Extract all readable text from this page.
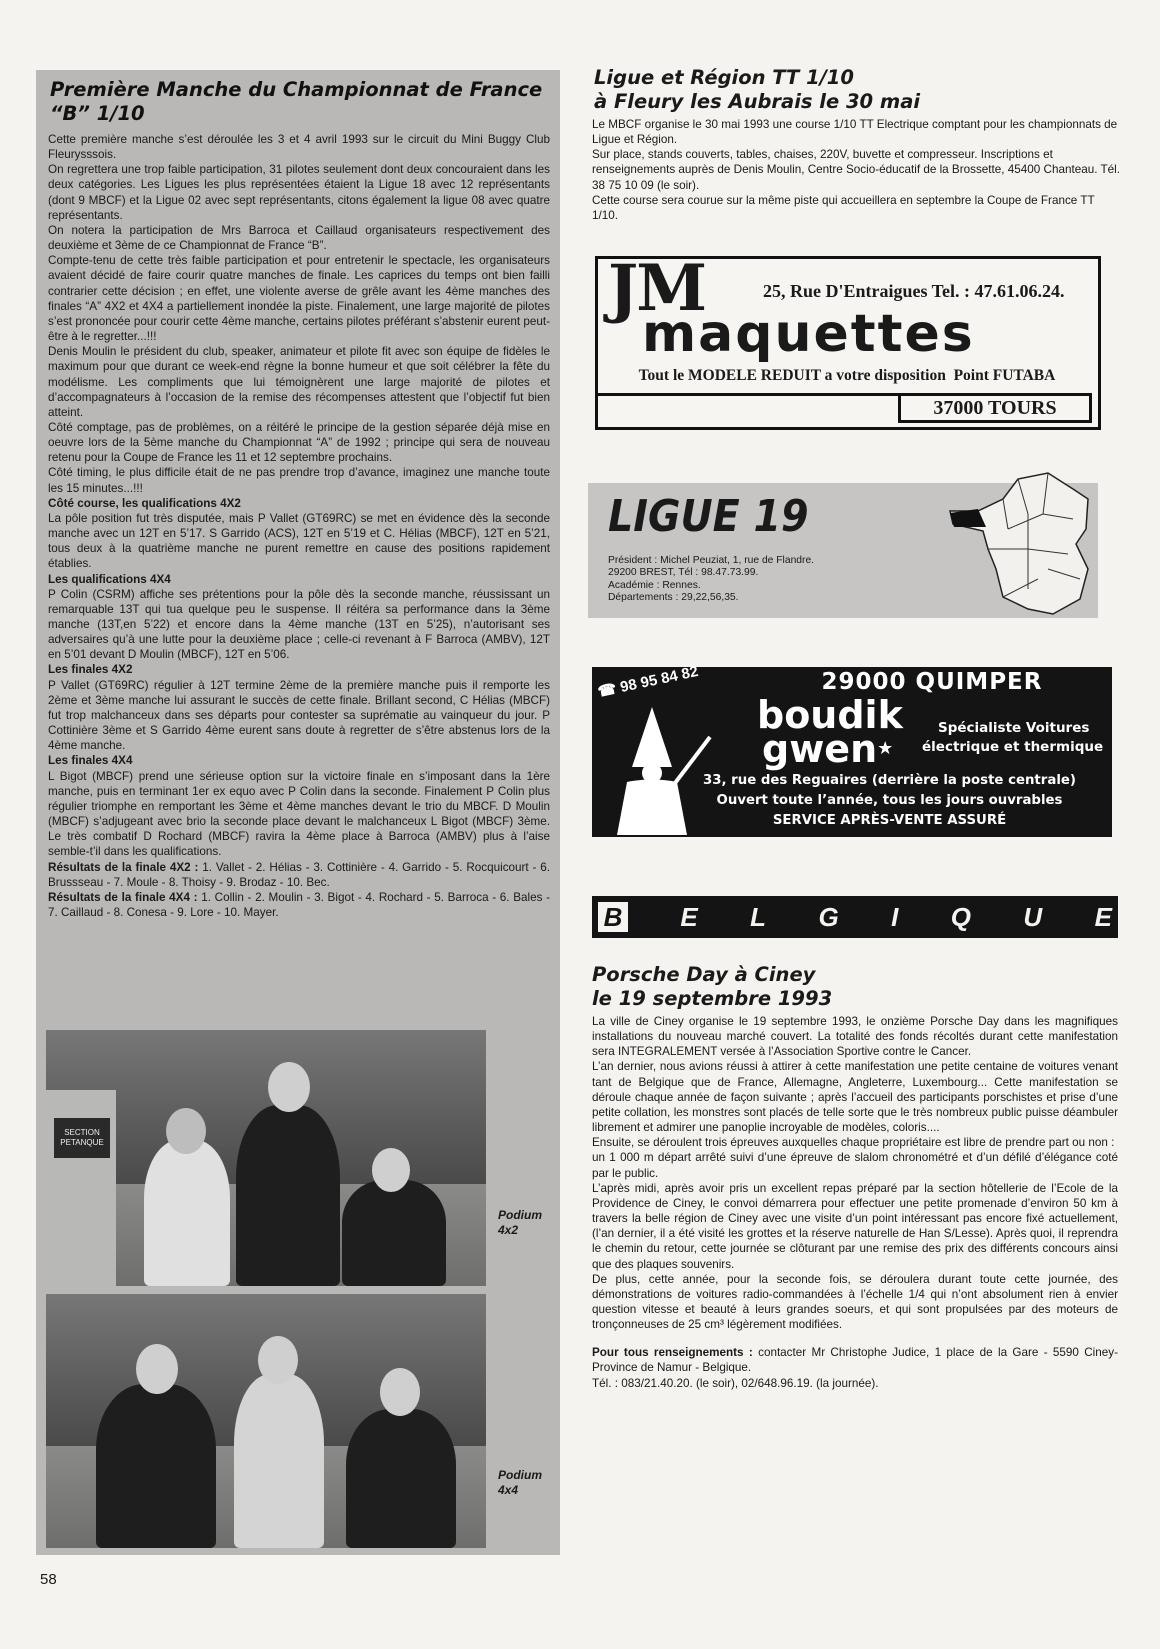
Première Manche du Championnat de France “B” 1/10

Cette première manche s’est déroulée les 3 et 4 avril 1993 sur le circuit du Mini Buggy Club Fleurysssois.

On regrettera une trop faible participation, 31 pilotes seulement dont deux concouraient dans les deux catégories. Les Ligues les plus représentées étaient la Ligue 18 avec 12 représentants (dont 9 MBCF) et la Ligue 02 avec sept représentants, citons également la ligue 08 avec quatre représentants.

On notera la participation de Mrs Barroca et Caillaud organisateurs respectivement des deuxième et 3ème de ce Championnat de France “B”.

Compte-tenu de cette très faible participation et pour entretenir le spectacle, les organisateurs avaient décidé de faire courir quatre manches de finale. Les caprices du temps ont bien failli contrarier cette décision ; en effet, une violente averse de grêle avant les 4ème manches des finales “A” 4X2 et 4X4 a partiellement inondée la piste. Finalement, une large majorité de pilotes s’est prononcée pour courir cette 4ème manche, certains pilotes préférant s’abstenir eurent peut-être à le regretter...!!!

Denis Moulin le président du club, speaker, animateur et pilote fit avec son équipe de fidèles le maximum pour que durant ce week-end règne la bonne humeur et que soit célébrer la fête du modélisme. Les compliments que lui témoignèrent une large majorité de pilotes et d’accompagnateurs à l’occasion de la remise des récompenses attestent que l’objectif fut bien atteint.

Côté comptage, pas de problèmes, on a réitéré le principe de la gestion séparée déjà mise en oeuvre lors de la 5ème manche du Championnat “A” de 1992 ; principe qui sera de nouveau retenu pour la Coupe de France les 11 et 12 septembre prochains.

Côté timing, le plus difficile était de ne pas prendre trop d’avance, imaginez une manche toute les 15 minutes...!!!

Côté course, les qualifications 4X2

La pôle position fut très disputée, mais P Vallet (GT69RC) se met en évidence dès la seconde manche avec un 12T en 5’17. S Garrido (ACS), 12T en 5’19 et C. Hélias (MBCF), 12T en 5’21, tous deux à la quatrième manche ne purent remettre en cause des positions rapidement établies.

Les qualifications 4X4

P Colin (CSRM) affiche ses prétentions pour la pôle dès la seconde manche, réussissant un remarquable 13T qui tua quelque peu le suspense. Il réitéra sa performance dans la 3ème manche (13T,en 5’22) et encore dans la 4ème manche (13T en 5’25), n’autorisant ses adversaires qu’à une lutte pour la deuxième place ; celle-ci revenant à F Barroca (AMBV), 12T en 5’01 devant D Moulin (MBCF), 12T en 5’06.

Les finales 4X2

P Vallet (GT69RC) régulier à 12T termine 2ème de la première manche puis il remporte les 2ème et 3ème manche lui assurant le succès de cette finale. Brillant second, C Hélias (MBCF) fut trop malchanceux dans ses départs pour contester sa suprématie au vainqueur du jour. P Cottinière 3ème et S Garrido 4ème eurent sans doute à regretter de s’être abstenus lors de la 4ème manche.

Les finales 4X4

L Bigot (MBCF) prend une sérieuse option sur la victoire finale en s’imposant dans la 1ère manche, puis en terminant 1er ex equo avec P Colin dans la seconde. Finalement P Colin plus régulier triomphe en remportant les 3ème et 4ème manches devant le trio du MBCF. D Moulin (MBCF) s’adjugeant avec brio la seconde place devant le malchanceux L Bigot (MBCF) 3ème. Le très combatif D Rochard (MBCF) ravira la 4ème place à Barroca (AMBV) plus à l’aise semble-t’il dans les qualifications.

Résultats de la finale 4X2 : 1. Vallet - 2. Hélias - 3. Cottinière - 4. Garrido - 5. Rocquicourt - 6. Brussseau - 7. Moule - 8. Thoisy - 9. Brodaz - 10. Bec.

Résultats de la finale 4X4 : 1. Collin - 2. Moulin - 3. Bigot - 4. Rochard - 5. Barroca - 6. Bales - 7. Caillaud - 8. Conesa - 9. Lore - 10. Mayer.

SECTION
PETANQUE
Podium
4x2
Podium
4x4
Ligue et Région TT 1/10
à Fleury les Aubrais le 30 mai

Le MBCF organise le 30 mai 1993 une course 1/10 TT Electrique comptant pour les championnats de Ligue et Région.

Sur place, stands couverts, tables, chaises, 220V, buvette et compresseur. Inscriptions et renseignements auprès de Denis Moulin, Centre Socio-éducatif de la Brossette, 45400 Chanteau. Tél. 38 75 10 09 (le soir).

Cette course sera courue sur la même piste qui accueillera en septembre la Coupe de France TT 1/10.

JM	25, Rue D'Entraigues Tel. : 47.61.06.24.
maquettes
Tout le MODELE REDUIT a votre disposition  Point FUTABA
37000 TOURS
LIGUE 19
Président : Michel Peuziat, 1, rue de Flandre.
29200 BREST, Tél : 98.47.73.99.
Académie : Rennes.
Départements : 29,22,56,35.
29000 QUIMPER
☎ 98 95 84 82
boudik
gwen★
Spécialiste Voitures
électrique et thermique
33, rue des Reguaires (derrière la poste centrale)
Ouvert toute l’année, tous les jours ouvrables
SERVICE APRÈS-VENTE ASSURÉ
B E L G I Q U E
Porsche Day à Ciney
le 19 septembre 1993

La ville de Ciney organise le 19 septembre 1993, le onzième Porsche Day dans les magnifiques installations du nouveau marché couvert. La totalité des fonds récoltés durant cette manifestation sera INTEGRALEMENT versée à l’Association Sportive contre le Cancer.

L’an dernier, nous avions réussi à attirer à cette manifestation une petite centaine de voitures venant tant de Belgique que de France, Allemagne, Angleterre, Luxembourg... Cette manifestation se déroule chaque année de façon suivante ; après l’accueil des participants porschistes et prise d’une petite collation, les monstres sont placés de telle sorte que le très nombreux public puisse déambuler librement et admirer une panoplie incroyable de modèles, coloris....

Ensuite, se déroulent trois épreuves auxquelles chaque propriétaire est libre de prendre part ou non :

un 1 000 m départ arrêté suivi d’une épreuve de slalom chronométré et d’un défilé d’élégance coté par le public.

L’après midi, après avoir pris un excellent repas préparé par la section hôtellerie de l’Ecole de la Providence de Ciney, le convoi démarrera pour effectuer une petite promenade d’environ 50 km à travers la belle région de Ciney avec une visite d’un point intéressant pas encore fixé actuellement, (l’an dernier, il a été visité les grottes et la réserve naturelle de Han S/Lesse). Après quoi, il reprendra le chemin du retour, cette journée se clôturant par une remise des prix des différents concours ainsi que des plaques souvenirs.

De plus, cette année, pour la seconde fois, se déroulera durant toute cette journée, des démonstrations de voitures radio-commandées à l’échelle 1/4 qui n’ont absolument rien à envier question vitesse et beauté à leurs grandes soeurs, et qui sont propulsées par des moteurs de tronçonneuses de 25 cm³ légèrement modifiées.

Pour tous renseignements : contacter Mr Christophe Judice, 1 place de la Gare - 5590 Ciney- Province de Namur - Belgique.

Tél. : 083/21.40.20. (le soir), 02/648.96.19. (la journée).

58
